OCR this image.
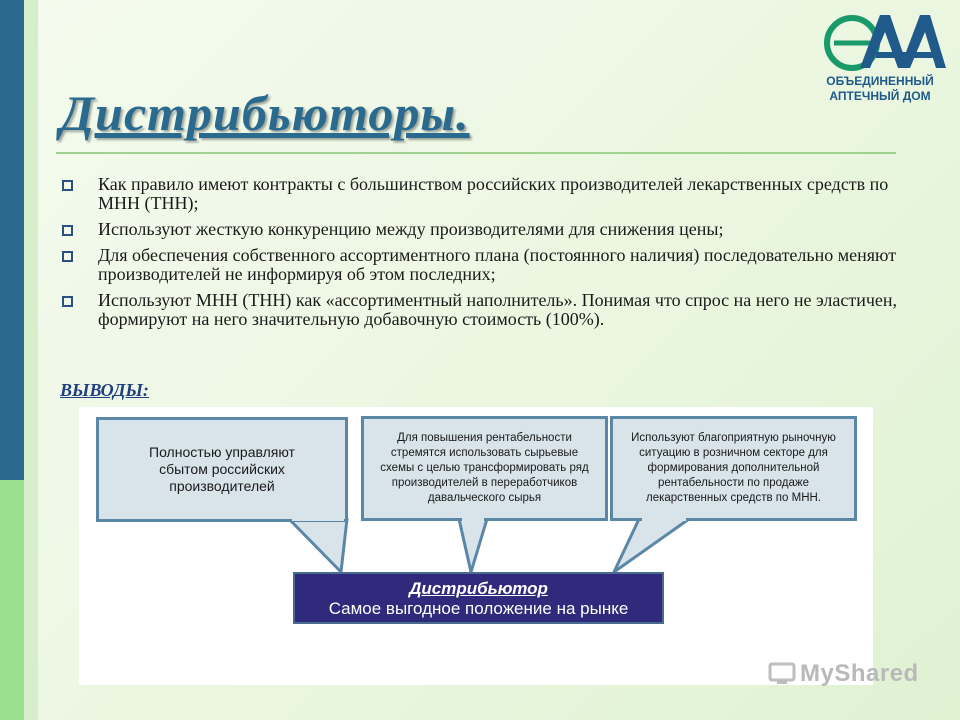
ОБЪЕДИНЕННЫЙ
АПТЕЧНЫЙ ДОМ
Дистрибьюторы.
Как правило имеют контракты с большинством российских производителей лекарственных средств по МНН (ТНН);
Используют жесткую конкуренцию между производителями для снижения цены;
Для обеспечения собственного ассортиментного плана (постоянного наличия) последовательно меняют производителей не информируя об этом последних;
Используют МНН (ТНН) как «ассортиментный наполнитель». Понимая что спрос на него не эластичен, формируют на него значительную добавочную стоимость (100%).
ВЫВОДЫ:
Полностью управляют сбытом российских производителей
Для повышения рентабельности стремятся использовать сырьевые схемы с целью трансформировать ряд производителей в переработчиков давальческого сырья
Используют благоприятную рыночную ситуацию в розничном секторе для формирования дополнительной рентабельности по продаже лекарственных средств по МНН.
Дистрибьютор
Самое выгодное положение на рынке
MyShared
